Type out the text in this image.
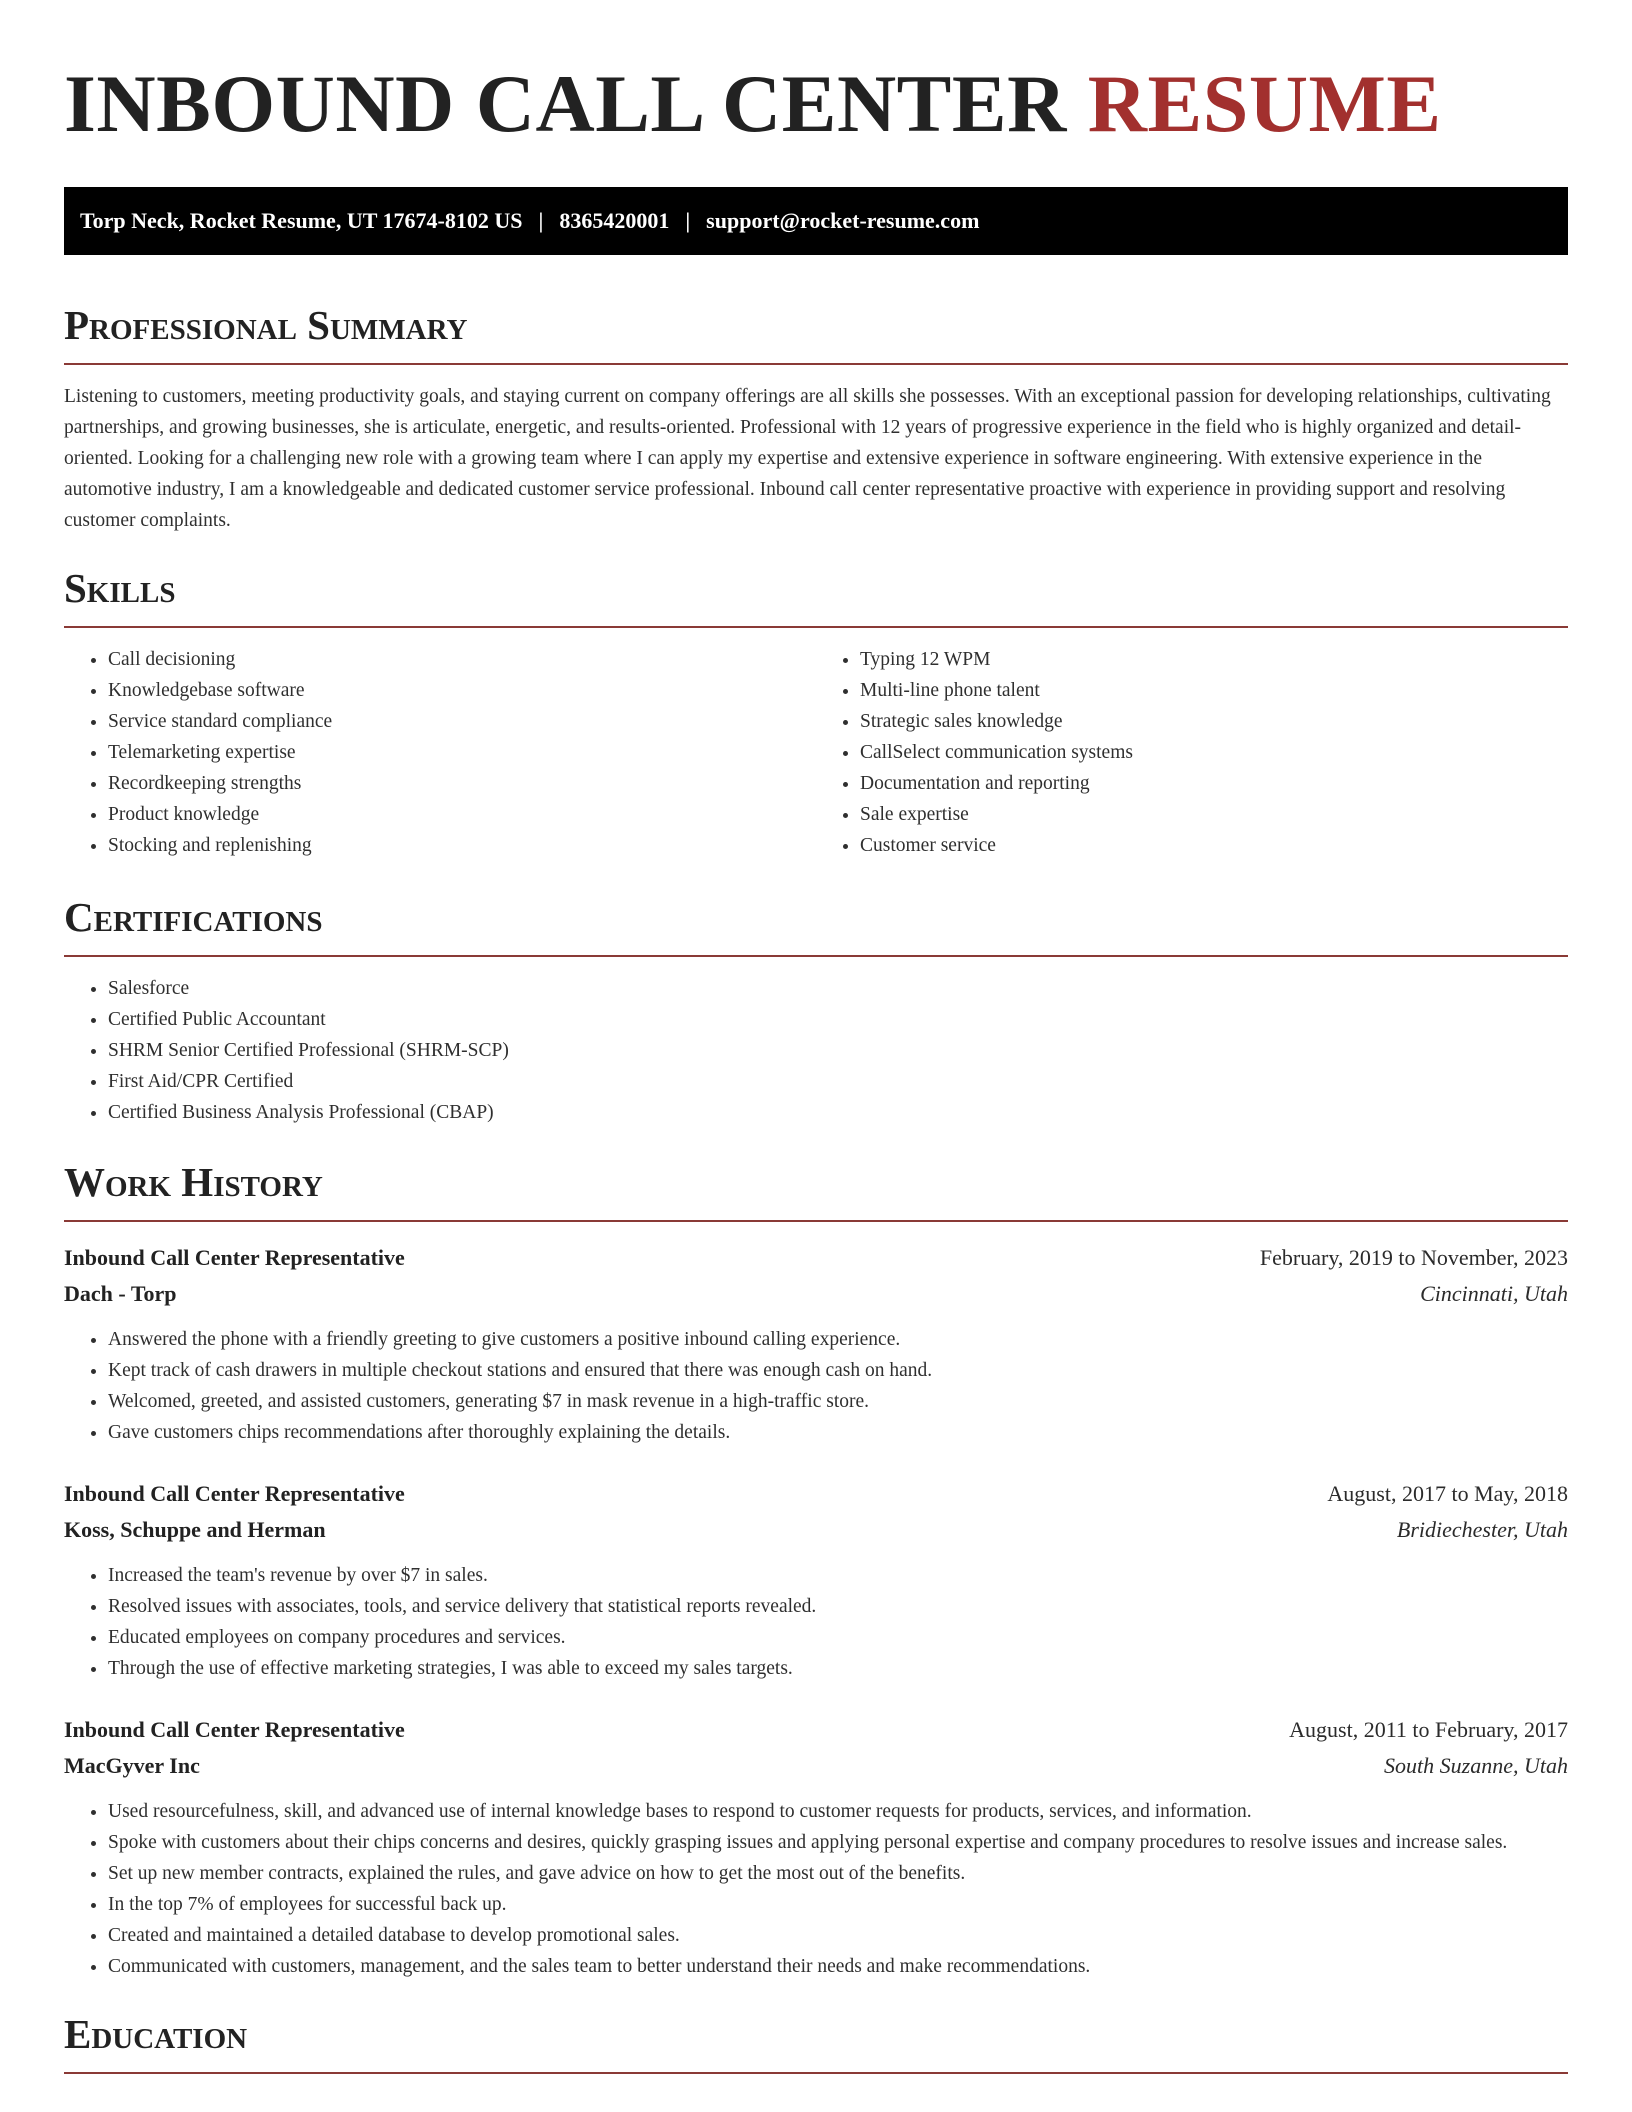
INBOUND CALL CENTER RESUME
Torp Neck, Rocket Resume, UT 17674-8102 US | 8365420001 | support@rocket-resume.com
Professional Summary

Listening to customers, meeting productivity goals, and staying current on company offerings are all skills she possesses. With an exceptional passion for developing relationships, cultivating partnerships, and growing businesses, she is articulate, energetic, and results-oriented. Professional with 12 years of progressive experience in the field who is highly organized and detail-oriented. Looking for a challenging new role with a growing team where I can apply my expertise and extensive experience in software engineering. With extensive experience in the automotive industry, I am a knowledgeable and dedicated customer service professional. Inbound call center representative proactive with experience in providing support and resolving customer complaints.

Skills
• Call decisioning
• Knowledgebase software
• Service standard compliance
• Telemarketing expertise
• Recordkeeping strengths
• Product knowledge
• Stocking and replenishing
• Typing 12 WPM
• Multi-line phone talent
• Strategic sales knowledge
• CallSelect communication systems
• Documentation and reporting
• Sale expertise
• Customer service
Certifications
• Salesforce
• Certified Public Accountant
• SHRM Senior Certified Professional (SHRM-SCP)
• First Aid/CPR Certified
• Certified Business Analysis Professional (CBAP)
Work History
Inbound Call Center Representative	February, 2019 to November, 2023
Dach - Torp	Cincinnati, Utah
• Answered the phone with a friendly greeting to give customers a positive inbound calling experience.
• Kept track of cash drawers in multiple checkout stations and ensured that there was enough cash on hand.
• Welcomed, greeted, and assisted customers, generating $7 in mask revenue in a high-traffic store.
• Gave customers chips recommendations after thoroughly explaining the details.
Inbound Call Center Representative	August, 2017 to May, 2018
Koss, Schuppe and Herman	Bridiechester, Utah
• Increased the team's revenue by over $7 in sales.
• Resolved issues with associates, tools, and service delivery that statistical reports revealed.
• Educated employees on company procedures and services.
• Through the use of effective marketing strategies, I was able to exceed my sales targets.
Inbound Call Center Representative	August, 2011 to February, 2017
MacGyver Inc	South Suzanne, Utah
• Used resourcefulness, skill, and advanced use of internal knowledge bases to respond to customer requests for products, services, and information.
• Spoke with customers about their chips concerns and desires, quickly grasping issues and applying personal expertise and company procedures to resolve issues and increase sales.
• Set up new member contracts, explained the rules, and gave advice on how to get the most out of the benefits.
• In the top 7% of employees for successful back up.
• Created and maintained a detailed database to develop promotional sales.
• Communicated with customers, management, and the sales team to better understand their needs and make recommendations.
Education
